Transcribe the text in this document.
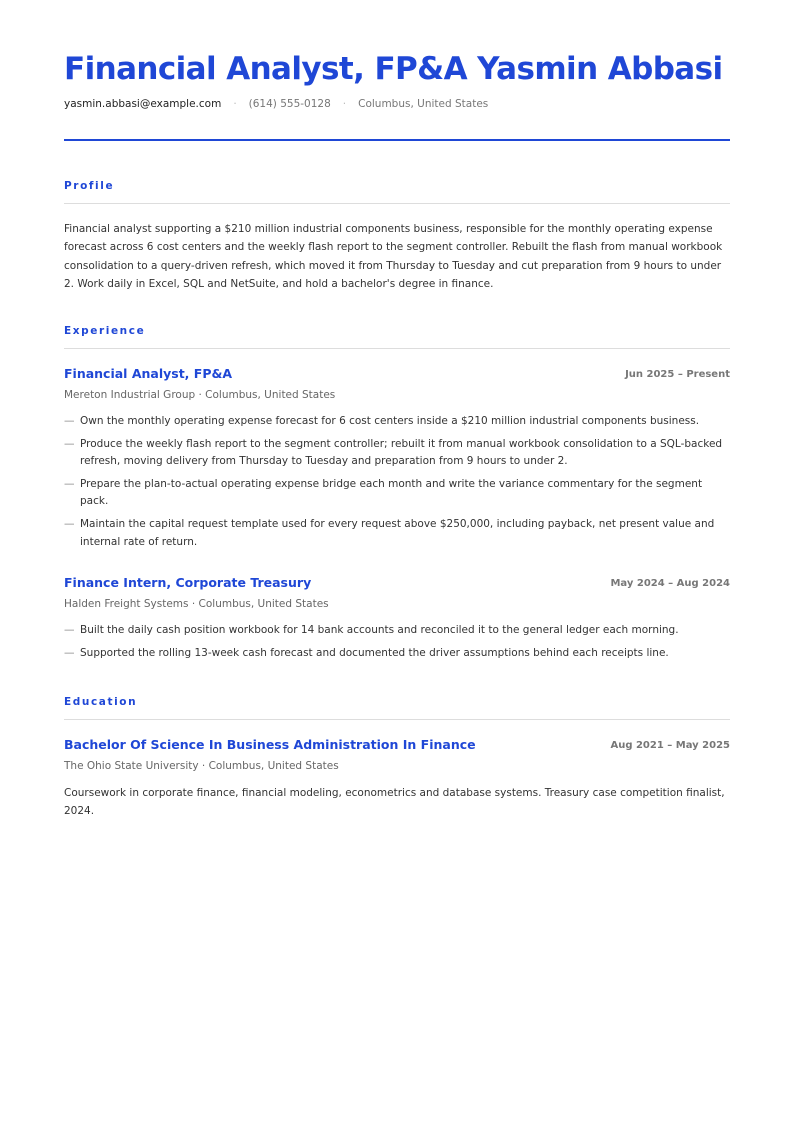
Financial Analyst, FP&A Yasmin Abbasi
yasmin.abbasi@example.com · (614) 555-0128 · Columbus, United States
Profile

Financial analyst supporting a $210 million industrial components business, responsible for the monthly operating expense forecast across 6 cost centers and the weekly flash report to the segment controller. Rebuilt the flash from manual workbook consolidation to a query-driven refresh, which moved it from Thursday to Tuesday and cut preparation from 9 hours to under 2. Work daily in Excel, SQL and NetSuite, and hold a bachelor's degree in finance.

Experience
Financial Analyst, FP&A	Jun 2025 – Present
Mereton Industrial Group · Columbus, United States
— Own the monthly operating expense forecast for 6 cost centers inside a $210 million industrial components business.
— Produce the weekly flash report to the segment controller; rebuilt it from manual workbook consolidation to a SQL-backed refresh, moving delivery from Thursday to Tuesday and preparation from 9 hours to under 2.
— Prepare the plan-to-actual operating expense bridge each month and write the variance commentary for the segment pack.
— Maintain the capital request template used for every request above $250,000, including payback, net present value and internal rate of return.
Finance Intern, Corporate Treasury	May 2024 – Aug 2024
Halden Freight Systems · Columbus, United States
— Built the daily cash position workbook for 14 bank accounts and reconciled it to the general ledger each morning.
— Supported the rolling 13-week cash forecast and documented the driver assumptions behind each receipts line.
Education
Bachelor Of Science In Business Administration In Finance	Aug 2021 – May 2025
The Ohio State University · Columbus, United States

Coursework in corporate finance, financial modeling, econometrics and database systems. Treasury case competition finalist, 2024.
